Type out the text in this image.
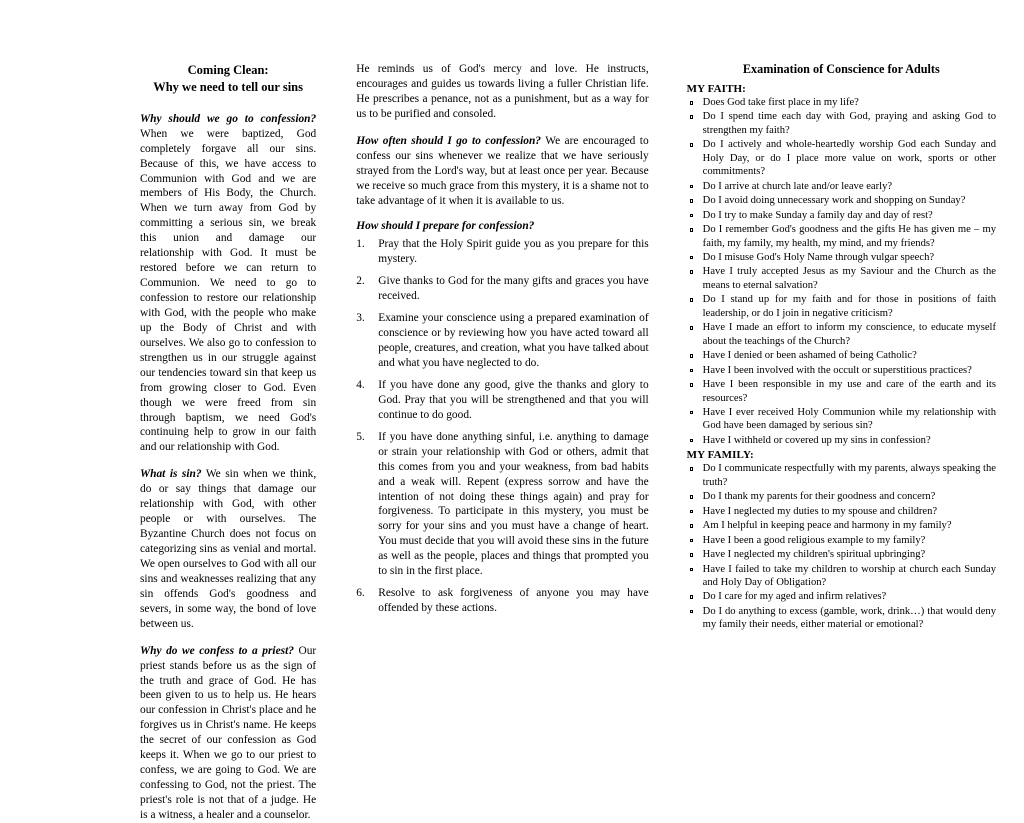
Coming Clean:
Why we need to tell our sins

Why should we go to confession? When we were baptized, God completely forgave all our sins. Because of this, we have access to Communion with God and we are members of His Body, the Church. When we turn away from God by committing a serious sin, we break this union and damage our relationship with God. It must be restored before we can return to Communion. We need to go to confession to restore our relationship with God, with the people who make up the Body of Christ and with ourselves. We also go to confession to strengthen us in our struggle against our tendencies toward sin that keep us from growing closer to God. Even though we were freed from sin through baptism, we need God's continuing help to grow in our faith and our relationship with God.

What is sin? We sin when we think, do or say things that damage our relationship with God, with other people or with ourselves. The Byzantine Church does not focus on categorizing sins as venial and mortal. We open ourselves to God with all our sins and weaknesses realizing that any sin offends God's goodness and severs, in some way, the bond of love between us.

Why do we confess to a priest? Our priest stands before us as the sign of the truth and grace of God. He has been given to us to help us. He hears our confession in Christ's place and he forgives us in Christ's name. He keeps the secret of our confession as God keeps it. When we go to our priest to confess, we are going to God. We are confessing to God, not the priest. The priest's role is not that of a judge. He is a witness, a healer and a counselor.

He reminds us of God's mercy and love. He instructs, encourages and guides us towards living a fuller Christian life. He prescribes a penance, not as a punishment, but as a way for us to be purified and consoled.

How often should I go to confession? We are encouraged to confess our sins whenever we realize that we have seriously strayed from the Lord's way, but at least once per year. Because we receive so much grace from this mystery, it is a shame not to take advantage of it when it is available to us.

How should I prepare for confession?

Pray that the Holy Spirit guide you as you prepare for this mystery.
Give thanks to God for the many gifts and graces you have received.
Examine your conscience using a prepared examination of conscience or by reviewing how you have acted toward all people, creatures, and creation, what you have talked about and what you have neglected to do.
If you have done any good, give the thanks and glory to God. Pray that you will be strengthened and that you will continue to do good.
If you have done anything sinful, i.e. anything to damage or strain your relationship with God or others, admit that this comes from you and your weakness, from bad habits and a weak will. Repent (express sorrow and have the intention of not doing these things again) and pray for forgiveness. To participate in this mystery, you must be sorry for your sins and you must have a change of heart. You must decide that you will avoid these sins in the future as well as the people, places and things that prompted you to sin in the first place.
Resolve to ask forgiveness of anyone you may have offended by these actions.
Examination of Conscience for Adults
MY FAITH:
Does God take first place in my life?
Do I spend time each day with God, praying and asking God to strengthen my faith?
Do I actively and whole-heartedly worship God each Sunday and Holy Day, or do I place more value on work, sports or other commitments?
Do I arrive at church late and/or leave early?
Do I avoid doing unnecessary work and shopping on Sunday?
Do I try to make Sunday a family day and day of rest?
Do I remember God's goodness and the gifts He has given me – my faith, my family, my health, my mind, and my friends?
Do I misuse God's Holy Name through vulgar speech?
Have I truly accepted Jesus as my Saviour and the Church as the means to eternal salvation?
Do I stand up for my faith and for those in positions of faith leadership, or do I join in negative criticism?
Have I made an effort to inform my conscience, to educate myself about the teachings of the Church?
Have I denied or been ashamed of being Catholic?
Have I been involved with the occult or superstitious practices?
Have I been responsible in my use and care of the earth and its resources?
Have I ever received Holy Communion while my relationship with God have been damaged by serious sin?
Have I withheld or covered up my sins in confession?
MY FAMILY:
Do I communicate respectfully with my parents, always speaking the truth?
Do I thank my parents for their goodness and concern?
Have I neglected my duties to my spouse and children?
Am I helpful in keeping peace and harmony in my family?
Have I been a good religious example to my family?
Have I neglected my children's spiritual upbringing?
Have I failed to take my children to worship at church each Sunday and Holy Day of Obligation?
Do I care for my aged and infirm relatives?
Do I do anything to excess (gamble, work, drink…) that would deny my family their needs, either material or emotional?
